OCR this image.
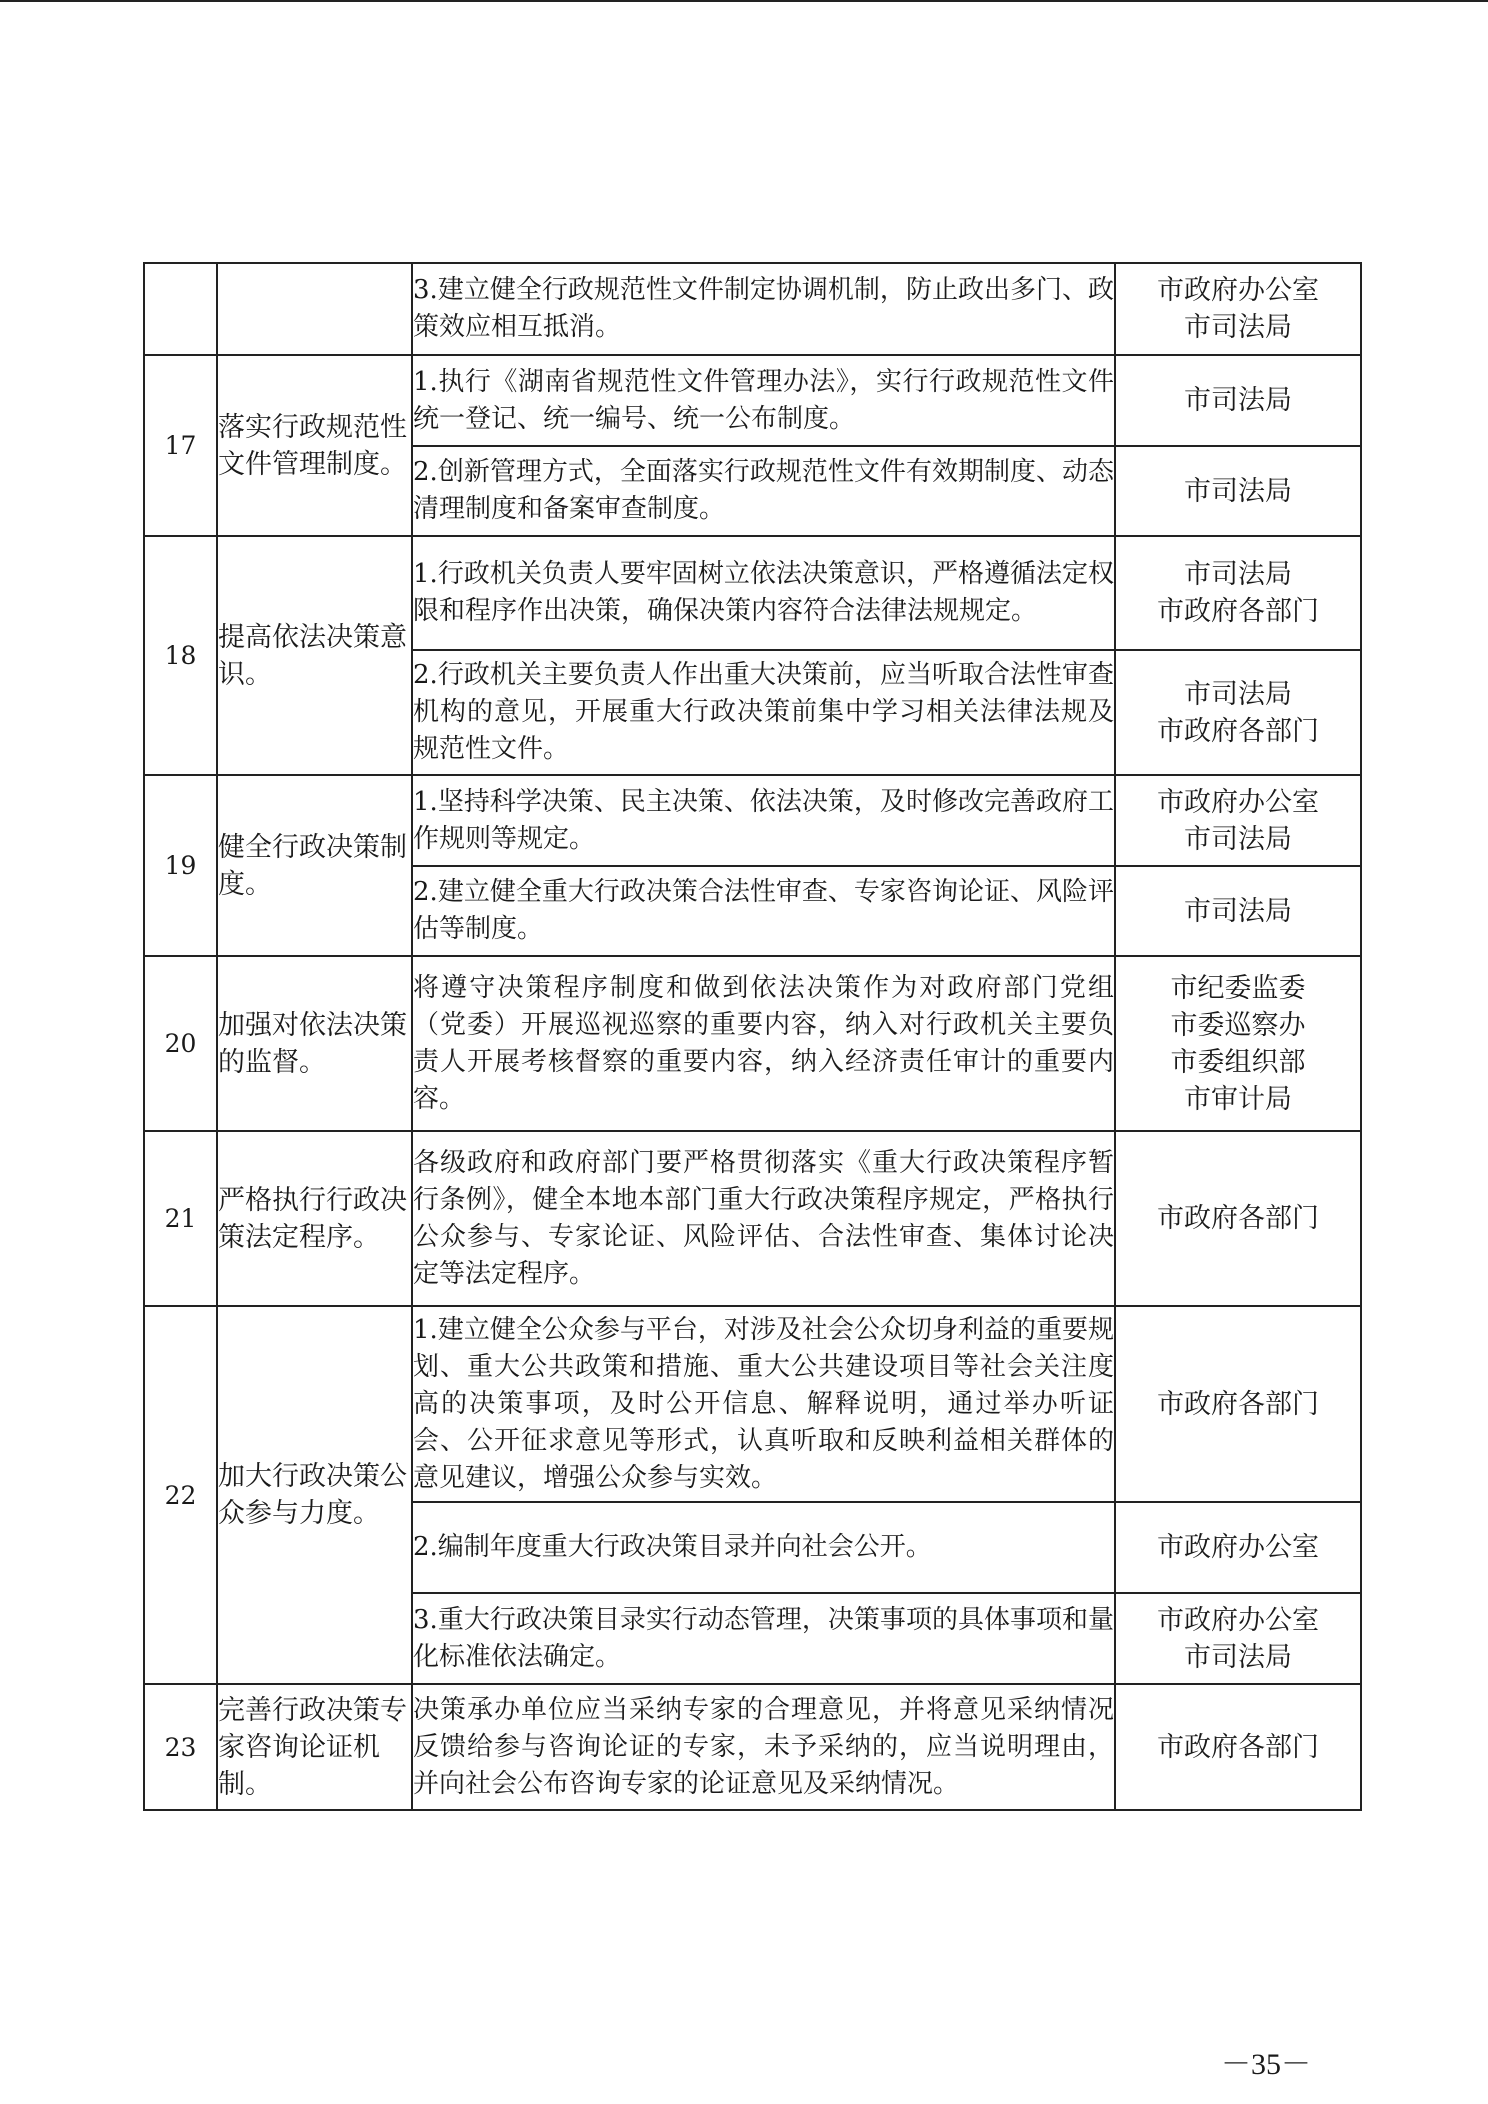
		3.建立健全行政规范性文件制定协调机制，防止政出多门、政策效应相互抵消。	市政府办公室
市司法局

17	落实行政规范性文件管理制度。	1.执行《湖南省规范性文件管理办法》，实行行政规范性文件统一登记、统一编号、统一公布制度。	市司法局

		2.创新管理方式，全面落实行政规范性文件有效期制度、动态清理制度和备案审查制度。	市司法局

18	提高依法决策意识。	1.行政机关负责人要牢固树立依法决策意识，严格遵循法定权限和程序作出决策，确保决策内容符合法律法规规定。	市司法局
市政府各部门

		2.行政机关主要负责人作出重大决策前，应当听取合法性审查机构的意见，开展重大行政决策前集中学习相关法律法规及规范性文件。	市司法局
市政府各部门

19	健全行政决策制度。	1.坚持科学决策、民主决策、依法决策，及时修改完善政府工作规则等规定。	市政府办公室
市司法局

		2.建立健全重大行政决策合法性审查、专家咨询论证、风险评估等制度。	市司法局

20	加强对依法决策的监督。	将遵守决策程序制度和做到依法决策作为对政府部门党组（党委）开展巡视巡察的重要内容，纳入对行政机关主要负责人开展考核督察的重要内容，纳入经济责任审计的重要内容。	市纪委监委
市委巡察办
市委组织部
市审计局

21	严格执行行政决策法定程序。	各级政府和政府部门要严格贯彻落实《重大行政决策程序暂行条例》，健全本地本部门重大行政决策程序规定，严格执行公众参与、专家论证、风险评估、合法性审查、集体讨论决定等法定程序。	市政府各部门

22	加大行政决策公众参与力度。	1.建立健全公众参与平台，对涉及社会公众切身利益的重要规划、重大公共政策和措施、重大公共建设项目等社会关注度高的决策事项，及时公开信息、解释说明，通过举办听证会、公开征求意见等形式，认真听取和反映利益相关群体的意见建议，增强公众参与实效。	市政府各部门

		2.编制年度重大行政决策目录并向社会公开。	市政府办公室

		3.重大行政决策目录实行动态管理，决策事项的具体事项和量化标准依法确定。	市政府办公室
市司法局

23	完善行政决策专家咨询论证机制。	决策承办单位应当采纳专家的合理意见，并将意见采纳情况反馈给参与咨询论证的专家，未予采纳的，应当说明理由，并向社会公布咨询专家的论证意见及采纳情况。	市政府各部门
－35－
